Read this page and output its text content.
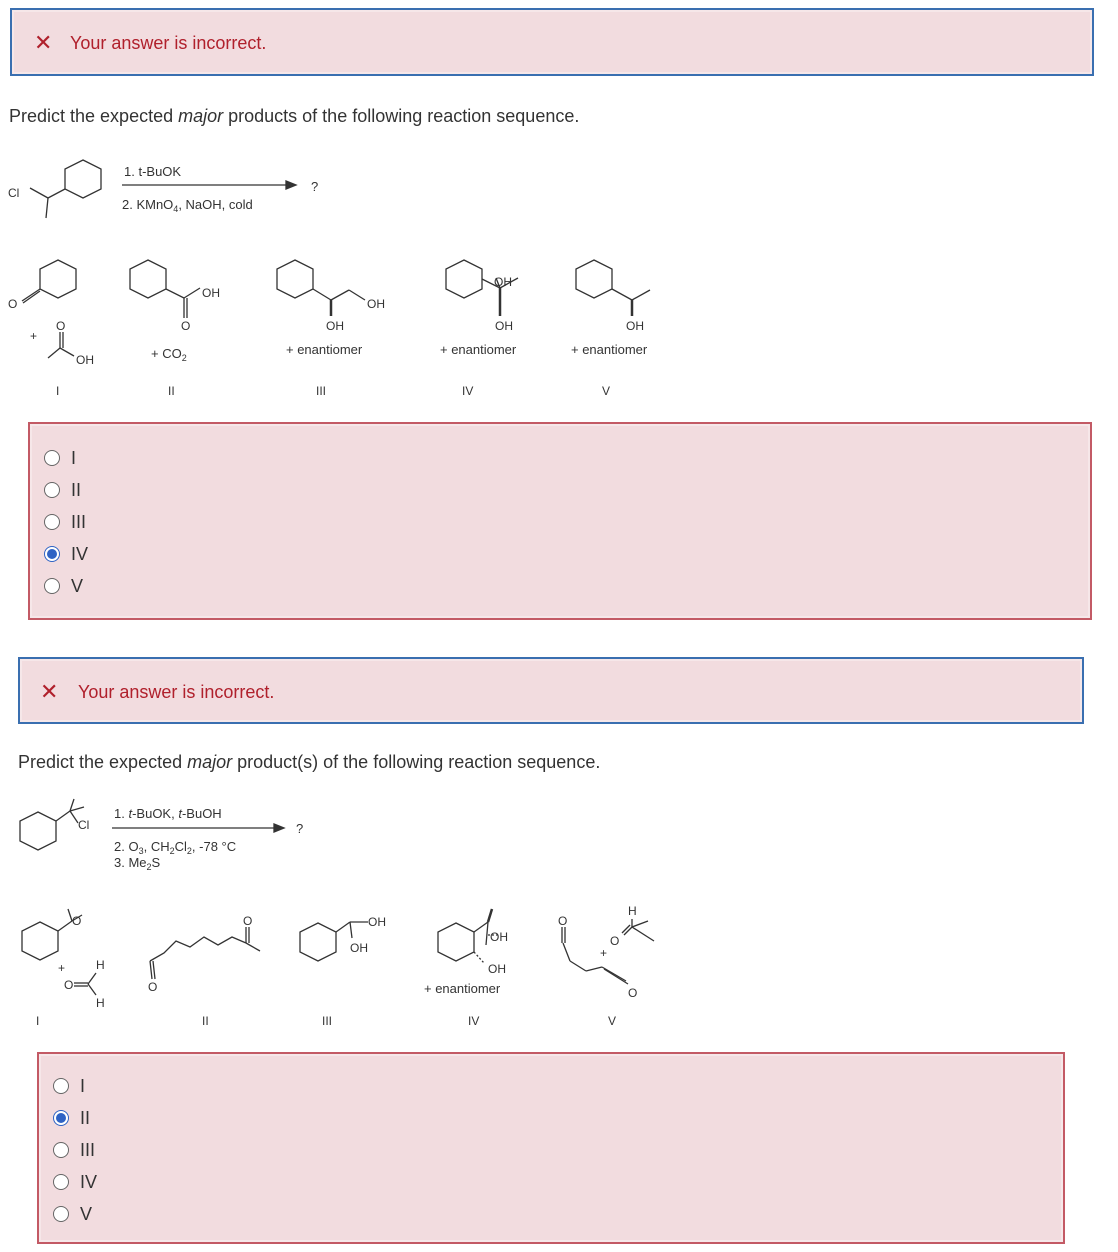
✕ Your answer is incorrect.
Predict the expected major products of the following reaction sequence.
Cl
1. t-BuOK
2. KMnO$_4$, NaOH, cold
?
O
+
O
OH
OH
O
+ $CO_2$
OH
OH
+ enantiomer
OH
OH
+ enantiomer
OH
+ enantiomer
I	II	III	IV	V
I
II
III
IV
V
✕ Your answer is incorrect.
Predict the expected major product(s) of the following reaction sequence.
Cl
1. t-BuOK, t-BuOH
2. $O_3$, $CH_2Cl_2$, -78 °C
3. $Me_2S$
?
O
+	H
O
H
O
O	OH
OH
OH
OH
+ enantiomer
O
O
+
H
O
I	II	III	IV	V
I
II
III
IV
V
